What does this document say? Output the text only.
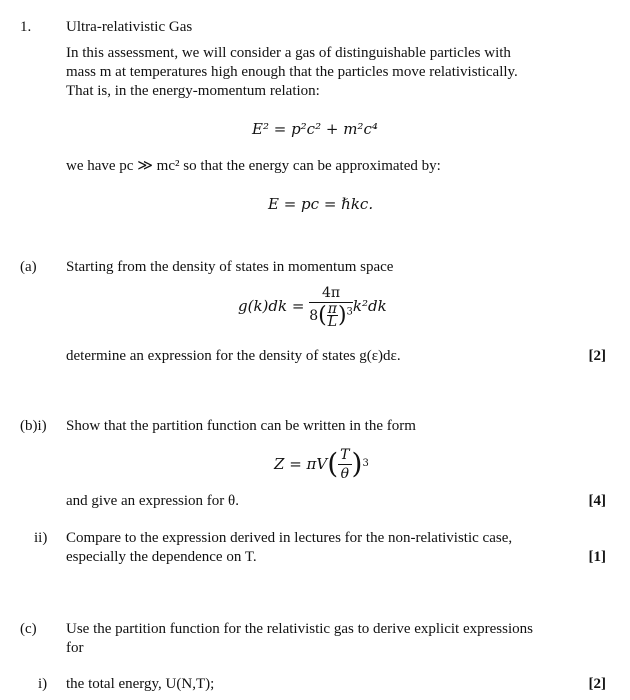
1. Ultra-relativistic Gas
In this assessment, we will consider a gas of distinguishable particles with
mass m at temperatures high enough that the particles move relativistically.
That is, in the energy-momentum relation:
E² = p²c² + m²c⁴
we have pc ≫ mc² so that the energy can be approximated by:
E = pc = ℏkc.
(a) Starting from the density of states in momentum space
g(k)dk =
$\frac{4\pi}{8( \frac{\pi}{L} )^3} k^2dk$
determine an expression for the density of states g(ε)dε.	[2]
(b)i) Show that the partition function can be written in the form
Z = πV ( $\frac{T}{\theta}$ ) 3
and give an expression for θ.	[4]
ii) Compare to the expression derived in lectures for the non-relativistic case,
especially the dependence on T.	[1]
(c) Use the partition function for the relativistic gas to derive explicit expressions
for
i) the total energy, U(N,T);	[2]
